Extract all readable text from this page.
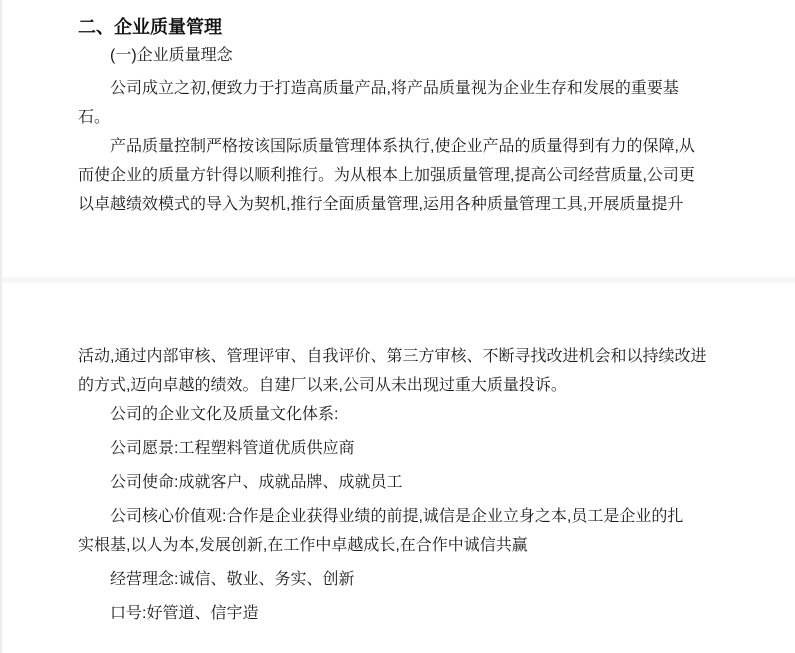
二、企业质量管理
(一)企业质量理念
公司成立之初,便致力于打造高质量产品,将产品质量视为企业生存和发展的重要基
石。
产品质量控制严格按该国际质量管理体系执行,使企业产品的质量得到有力的保障,从
而使企业的质量方针得以顺利推行。为从根本上加强质量管理,提高公司经营质量,公司更
以卓越绩效模式的导入为契机,推行全面质量管理,运用各种质量管理工具,开展质量提升
活动,通过内部审核、管理评审、自我评价、第三方审核、不断寻找改进机会和以持续改进
的方式,迈向卓越的绩效。自建厂以来,公司从未出现过重大质量投诉。
公司的企业文化及质量文化体系:
公司愿景:工程塑料管道优质供应商
公司使命:成就客户、成就品牌、成就员工
公司核心价值观:合作是企业获得业绩的前提,诚信是企业立身之本,员工是企业的扎
实根基,以人为本,发展创新,在工作中卓越成长,在合作中诚信共赢
经营理念:诚信、敬业、务实、创新
口号:好管道、信宇造
